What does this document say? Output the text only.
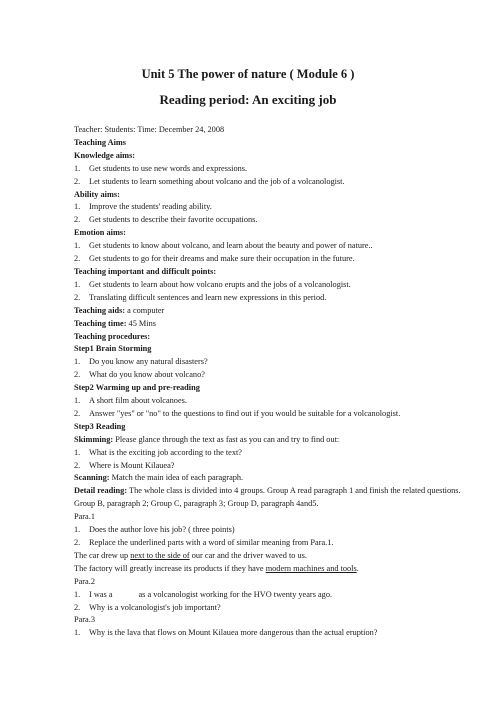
Unit 5 The power of nature ( Module 6 )
Reading period: An exciting job
Teacher: Students: Time: December 24, 2008
Teaching Aims
Knowledge aims:
1. Get students to use new words and expressions.
2. Let students to learn something about volcano and the job of a volcanologist.
Ability aims:
1. Improve the students' reading ability.
2. Get students to describe their favorite occupations.
Emotion aims:
1. Get students to know about volcano, and learn about the beauty and power of nature..
2. Get students to go for their dreams and make sure their occupation in the future.
Teaching important and difficult points:
1. Get students to learn about how volcano erupts and the jobs of a volcanologist.
2. Translating difficult sentences and learn new expressions in this period.
Teaching aids: a computer
Teaching time: 45 Mins
Teaching procedures:
Step1 Brain Storming
1. Do you know any natural disasters?
2. What do you know about volcano?
Step2 Warming up and pre-reading
1. A short film about volcanoes.
2. Answer "yes" or "no" to the questions to find out if you would be suitable for a volcanologist.
Step3 Reading
Skimming: Please glance through the text as fast as you can and try to find out:
1. What is the exciting job according to the text?
2. Where is Mount Kilauea?
Scanning: Match the main idea of each paragraph.
Detail reading: The whole class is divided into 4 groups. Group A read paragraph 1 and finish the related questions. Group B, paragraph 2; Group C, paragraph 3; Group D, paragraph 4and5.
Para.1
1. Does the author love his job? ( three points)
2. Replace the underlined parts with a word of similar meaning from Para.1.
The car drew up next to the side of our car and the driver waved to us.
The factory will greatly increase its products if they have modern machines and tools.
Para.2
1. I was a	as a volcanologist working for the HVO twenty years ago.
2. Why is a volcanologist's job important?
Para.3
1. Why is the lava that flows on Mount Kilauea more dangerous than the actual eruption?
